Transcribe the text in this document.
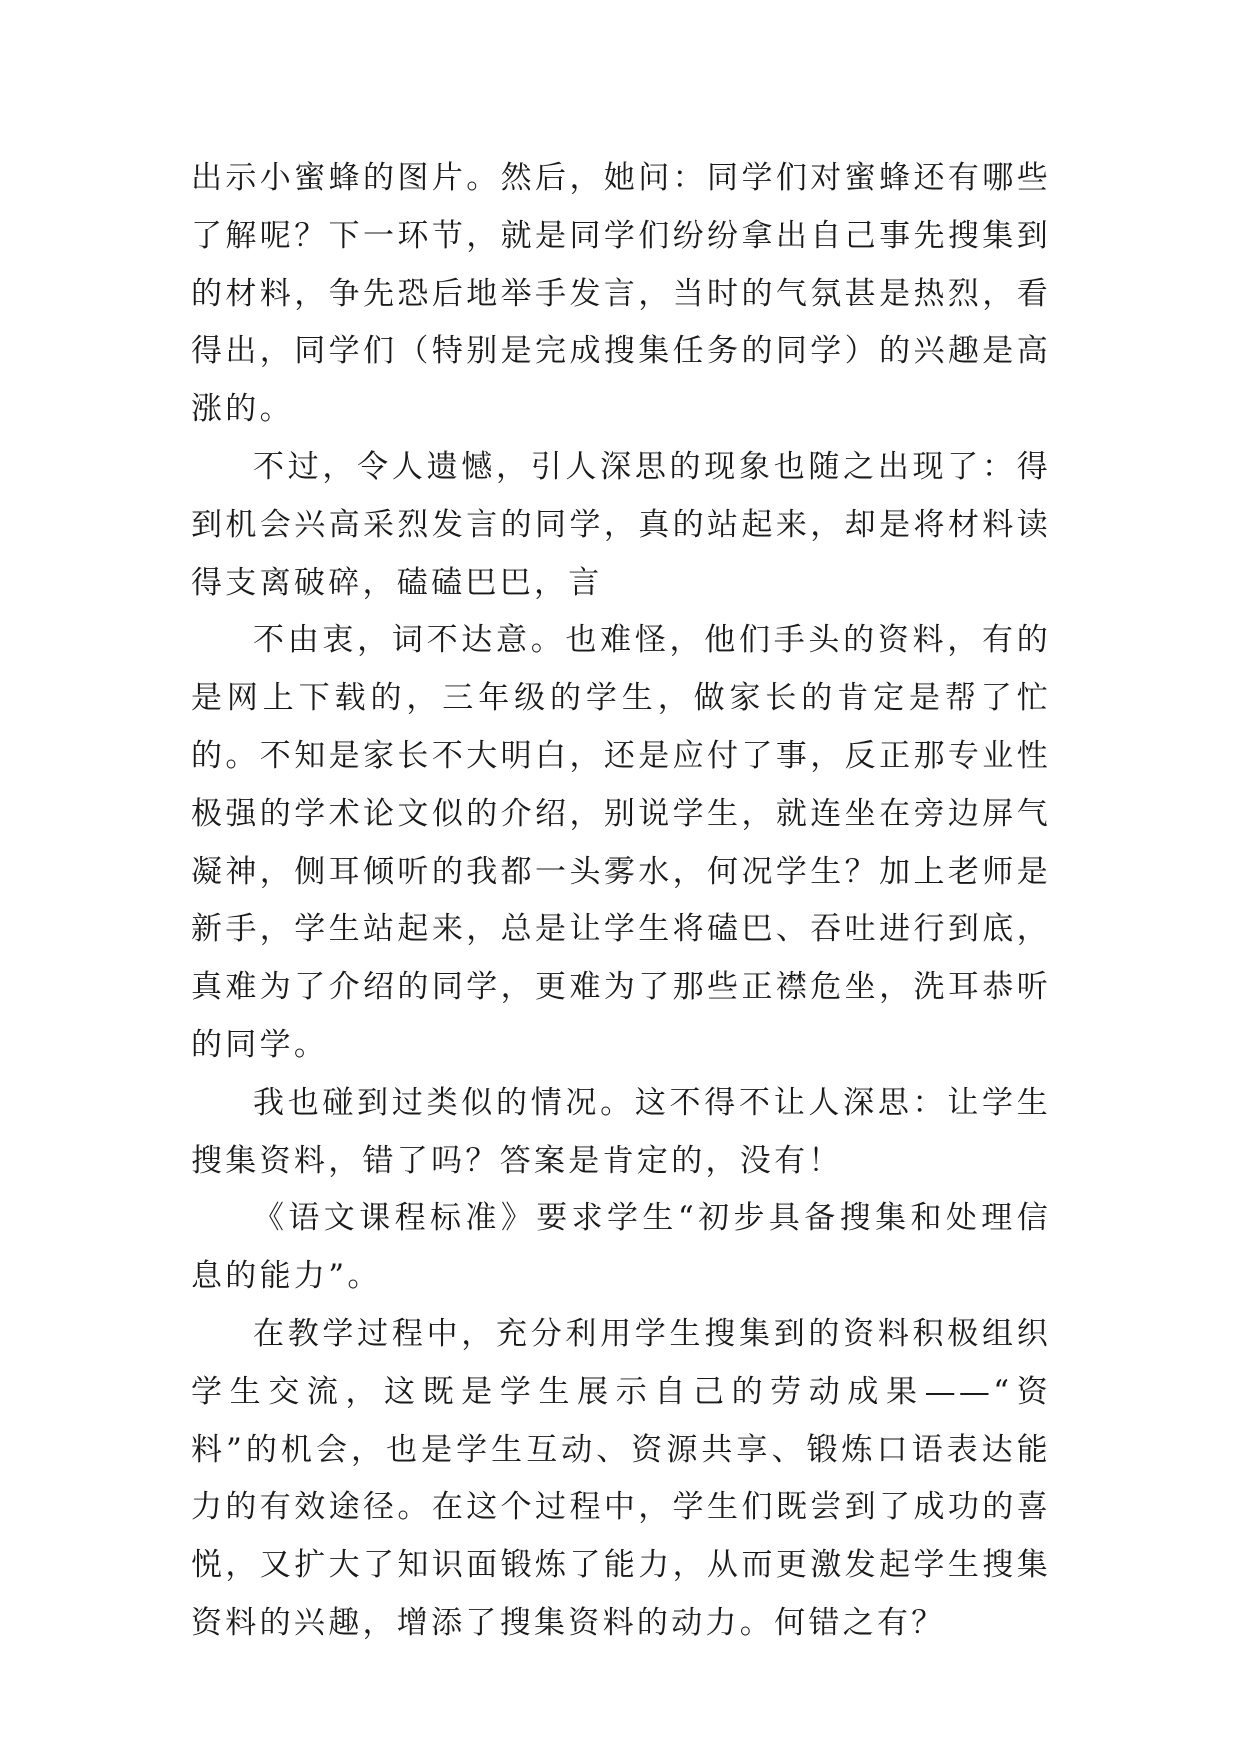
出示小蜜蜂的图片。然后，她问：同学们对蜜蜂还有哪些了解呢？下一环节，就是同学们纷纷拿出自己事先搜集到的材料，争先恐后地举手发言，当时的气氛甚是热烈，看得出，同学们（特别是完成搜集任务的同学）的兴趣是高涨的。

不过，令人遗憾，引人深思的现象也随之出现了：得到机会兴高采烈发言的同学，真的站起来，却是将材料读得支离破碎，磕磕巴巴，言

不由衷，词不达意。也难怪，他们手头的资料，有的是网上下载的，三年级的学生，做家长的肯定是帮了忙的。不知是家长不大明白，还是应付了事，反正那专业性极强的学术论文似的介绍，别说学生，就连坐在旁边屏气凝神，侧耳倾听的我都一头雾水，何况学生？加上老师是新手，学生站起来，总是让学生将磕巴、吞吐进行到底，真难为了介绍的同学，更难为了那些正襟危坐，洗耳恭听的同学。

我也碰到过类似的情况。这不得不让人深思：让学生搜集资料，错了吗？答案是肯定的，没有！

《语文课程标准》要求学生“初步具备搜集和处理信息的能力”。

在教学过程中，充分利用学生搜集到的资料积极组织学生交流，这既是学生展示自己的劳动成果——“资料”的机会，也是学生互动、资源共享、锻炼口语表达能力的有效途径。在这个过程中，学生们既尝到了成功的喜悦，又扩大了知识面锻炼了能力，从而更激发起学生搜集资料的兴趣，增添了搜集资料的动力。何错之有？
